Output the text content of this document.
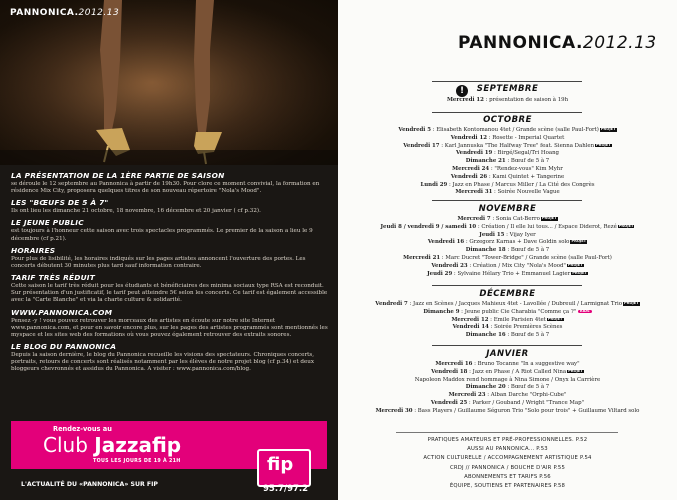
PANNONICA.2012.13
LA PRÉSENTATION DE LA 1ÈRE PARTIE DE SAISON

se déroule le 12 septembre au Pannonica à partir de 19h30. Pour clore ce moment convivial, la formation en résidence Mix City, proposera quelques titres de son nouveau répertoire "Nola's Mood".

LES "BŒUFS DE 5 À 7"

Ils ont lieu les dimanche 21 octobre, 18 novembre, 16 décembre et 20 janvier ( cf p.32).

LE JEUNE PUBLIC

est toujours à l'honneur cette saison avec trois spectacles programmés. Le premier de la saison a lieu le 9 décembre (cf p.21).

HORAIRES

Pour plus de lisibilité, les horaires indiqués sur les pages artistes annoncent l'ouverture des portes. Les concerts débutent 30 minutes plus tard sauf information contraire.

TARIF TRÈS RÉDUIT

Cette saison le tarif très réduit pour les étudiants et bénéficiaires des minima sociaux type RSA est reconduit. Sur présentation d'un justificatif, le tarif peut atteindre 5€ selon les concerts. Ce tarif est également accessible avec la "Carte Blanche" et via la charte culture & solidarité.

WWW.PANNONICA.COM

Pensez -y ! vous pouvez retrouver les morceaux des artistes en écoute sur notre site Internet www.pannonica.com, et pour en savoir encore plus, sur les pages des artistes programmés sont mentionnés les myspace et les sites web des formations où vous pouvez également retrouver des extraits sonores.

LE BLOG DU PANNONICA

Depuis la saison dernière, le blog du Pannonica recueille les visions des spectateurs. Chroniques concerts, portraits, retours de concerts sont réalisés notamment par les élèves de notre projet blog (cf p.34) et deux bloggeurs chevronnés et assidus du Pannonica. A visiter : www.pannonica.com/blog.

Rendez-vous au
Club Jazzafip
TOUS LES JOURS DE 19 À 21H
L'ACTUALITÉ DU «PANNONICA» SUR FIP
fip
95.7/97.2
PANNONICA.2012.13
!	SEPTEMBRE
OCTOBRE
NOVEMBRE
DÉCEMBRE
JANVIER
Mercredi 12 : présentation de saison à 19h
Vendredi 5 : Elisabeth Kontomanou 4tet / Grande scène (salle Paul-Fort) PROJET
Vendredi 12 : Rosette - Imperial Quartet
Vendredi 17 : Karl Jannuska "The Halfway Tree" feat. Sienna Dahlen PROJET
Vendredi 19 : Birgé/Segal/Tri Hoang
Dimanche 21 : Bœuf de 5 à 7
Mercredi 24 : "Rendez-vous" Kim Myhr
Vendredi 26 : Kami Quintet + Tangerine
Lundi 29 : Jazz en Phase / Marcus Miller / La Cité des Congrès
Mercredi 31 : Soirée Nouvelle Vague
Mercredi 7 : Sonia Cat-Berro PROJET
Jeudi 8 / vendredi 9 / samedi 10 : Création / Il elle lui tous... / Espace Diderot, Rezé PROJET
Jeudi 15 : Vijay Iyer
Vendredi 16 : Grzegorz Karnas + Dave Goldin solo PROJET
Dimanche 18 : Bœuf de 5 à 7
Mercredi 21 : Marc Ducret "Tower-Bridge" / Grande scène (salle Paul-Fort)
Vendredi 23 : Création / Mix City "Nola's Mood" PROJET
Jeudi 29 : Sylvaine Hélary Trio + Emmanuel Lagier PROJET
Vendredi 7 : Jazz en Scènes / Jacques Mahieux 4tet - Lavollée / Dubreuil / Larmignat Trio PROJET
Dimanche 9 : Jeune public Cie Charabia "Comme ça ?" KIDS
Mercredi 12 : Emile Parisien 4tet PROJET
Vendredi 14 : Soirée Premières Scènes
Dimanche 16 : Bœuf de 5 à 7
Mercredi 16 : Bruno Tocanne "In a suggestive way"
Vendredi 18 : Jazz en Phase / A Riot Called Nina PROJET
Napoleon Maddox rend hommage à Nina Simone / Onyx la Carrière
Dimanche 20 : Bœuf de 5 à 7
Mercredi 23 : Alban Darche "Orphi-Cube"
Vendredi 25 : Parker / Gouband / Wright "Trance Map"
Mercredi 30 : Bass Players / Guillaume Séguron Trio "Solo pour trois" + Guillaume Viltard solo
PRATIQUES AMATEURS ET PRÉ-PROFESSIONNELLES. P.52
AUSSI AU PANNONICA... P.53
ACTION CULTURELLE / ACCOMPAGNEMENT ARTISTIQUE P.54
CRDJ // PANNONICA / BOUCHE D'AIR P.55
ABONNEMENTS ET TARIFS P.56
ÉQUIPE, SOUTIENS ET PARTENAIRES P.58
